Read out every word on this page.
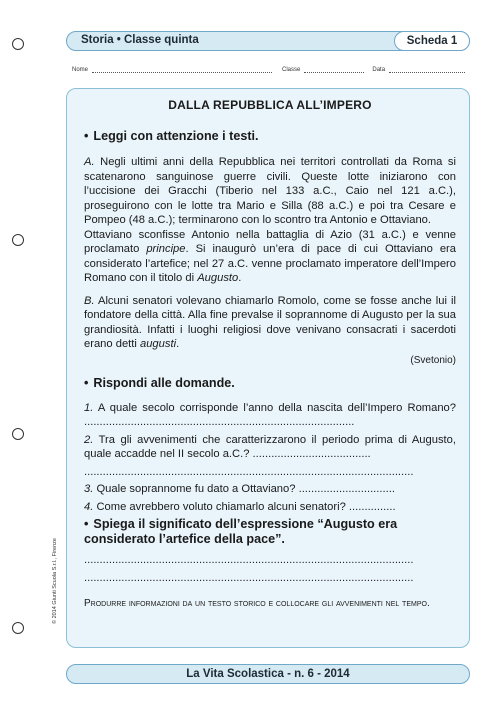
Storia • Classe quinta	Scheda 1
Nome	Classe	Data
DALLA REPUBBLICA ALL’IMPERO
• Leggi con attenzione i testi.

A. Negli ultimi anni della Repubblica nei territori controllati da Roma si scatenarono sanguinose guerre civili. Queste lotte iniziarono con l’uccisione dei Gracchi (Tiberio nel 133 a.C., Caio nel 121 a.C.), proseguirono con le lotte tra Mario e Silla (88 a.C.) e poi tra Cesare e Pompeo (48 a.C.); terminarono con lo scontro tra Antonio e Ottaviano.

Ottaviano sconfisse Antonio nella battaglia di Azio (31 a.C.) e venne proclamato principe. Si inaugurò un’era di pace di cui Ottaviano era considerato l’artefice; nel 27 a.C. venne proclamato imperatore dell’Impero Romano con il titolo di Augusto.

B. Alcuni senatori volevano chiamarlo Romolo, come se fosse anche lui il fondatore della città. Alla fine prevalse il soprannome di Augusto per la sua grandiosità. Infatti i luoghi religiosi dove venivano consacrati i sacerdoti erano detti augusti.

(Svetonio)
• Rispondi alle domande.

1. A quale secolo corrisponde l’anno della nascita dell’Impero Romano? .......................................................................................

2. Tra gli avvenimenti che caratterizzarono il periodo prima di Augusto, quale accadde nel II secolo a.C.? ......................................

..........................................................................................................

3. Quale soprannome fu dato a Ottaviano? ...............................

4. Come avrebbero voluto chiamarlo alcuni senatori? ...............

• Spiega il significato dell’espressione “Augusto era considerato l’artefice della pace”.
..........................................................................................................
..........................................................................................................

Produrre informazioni da un testo storico e collocare gli avvenimenti nel tempo.

© 2014 Giunti Scuola S.r.l., Firenze
La Vita Scolastica - n. 6 - 2014
